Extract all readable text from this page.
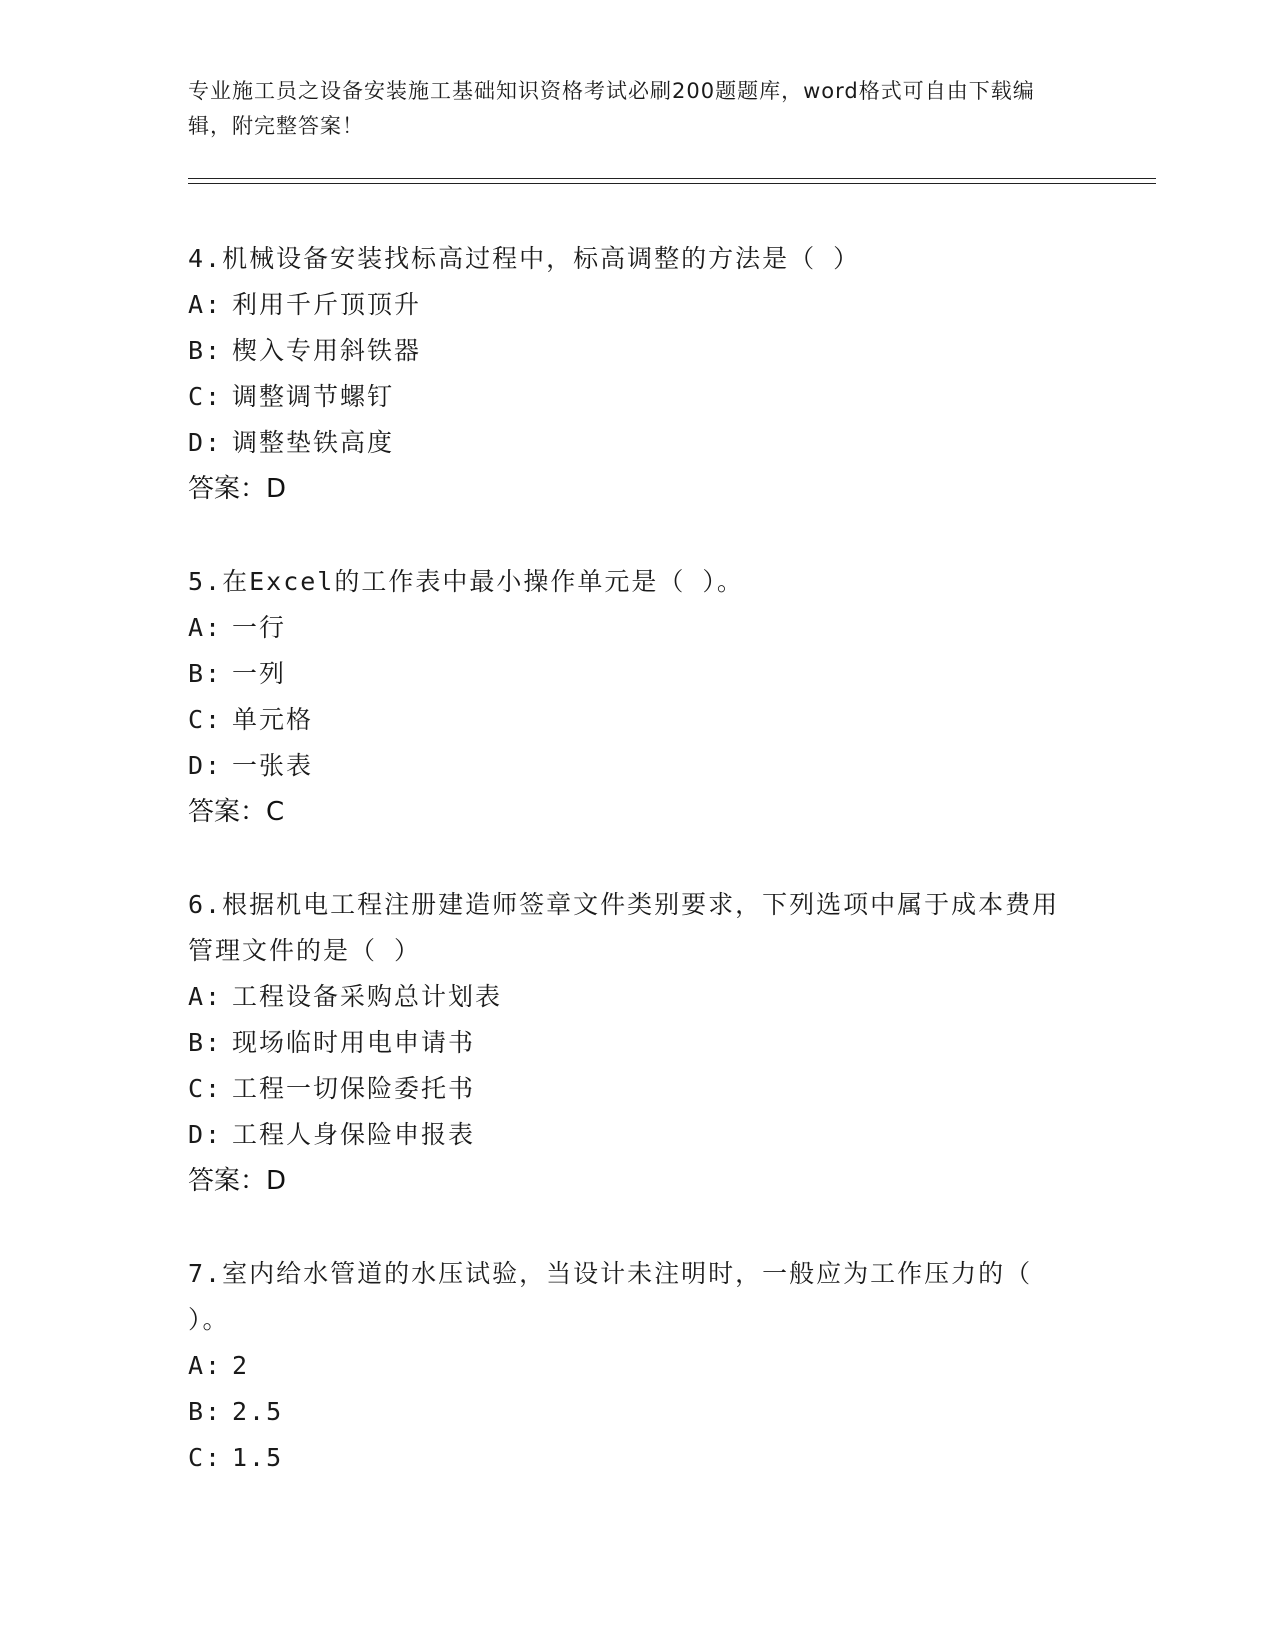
专业施工员之设备安装施工基础知识资格考试必刷200题题库，word格式可自由下载编辑，附完整答案！

4.机械设备安装找标高过程中，标高调整的方法是（ ）

A: 利用千斤顶顶升

B: 楔入专用斜铁器

C: 调整调节螺钉

D: 调整垫铁高度

答案：D

5.在Excel的工作表中最小操作单元是（ ）。

A: 一行

B: 一列

C: 单元格

D: 一张表

答案：C

6.根据机电工程注册建造师签章文件类别要求，下列选项中属于成本费用管理文件的是（ ）

A: 工程设备采购总计划表

B: 现场临时用电申请书

C: 工程一切保险委托书

D: 工程人身保险申报表

答案：D

7.室内给水管道的水压试验，当设计未注明时，一般应为工作压力的（ ）。

A: 2

B: 2.5

C: 1.5
